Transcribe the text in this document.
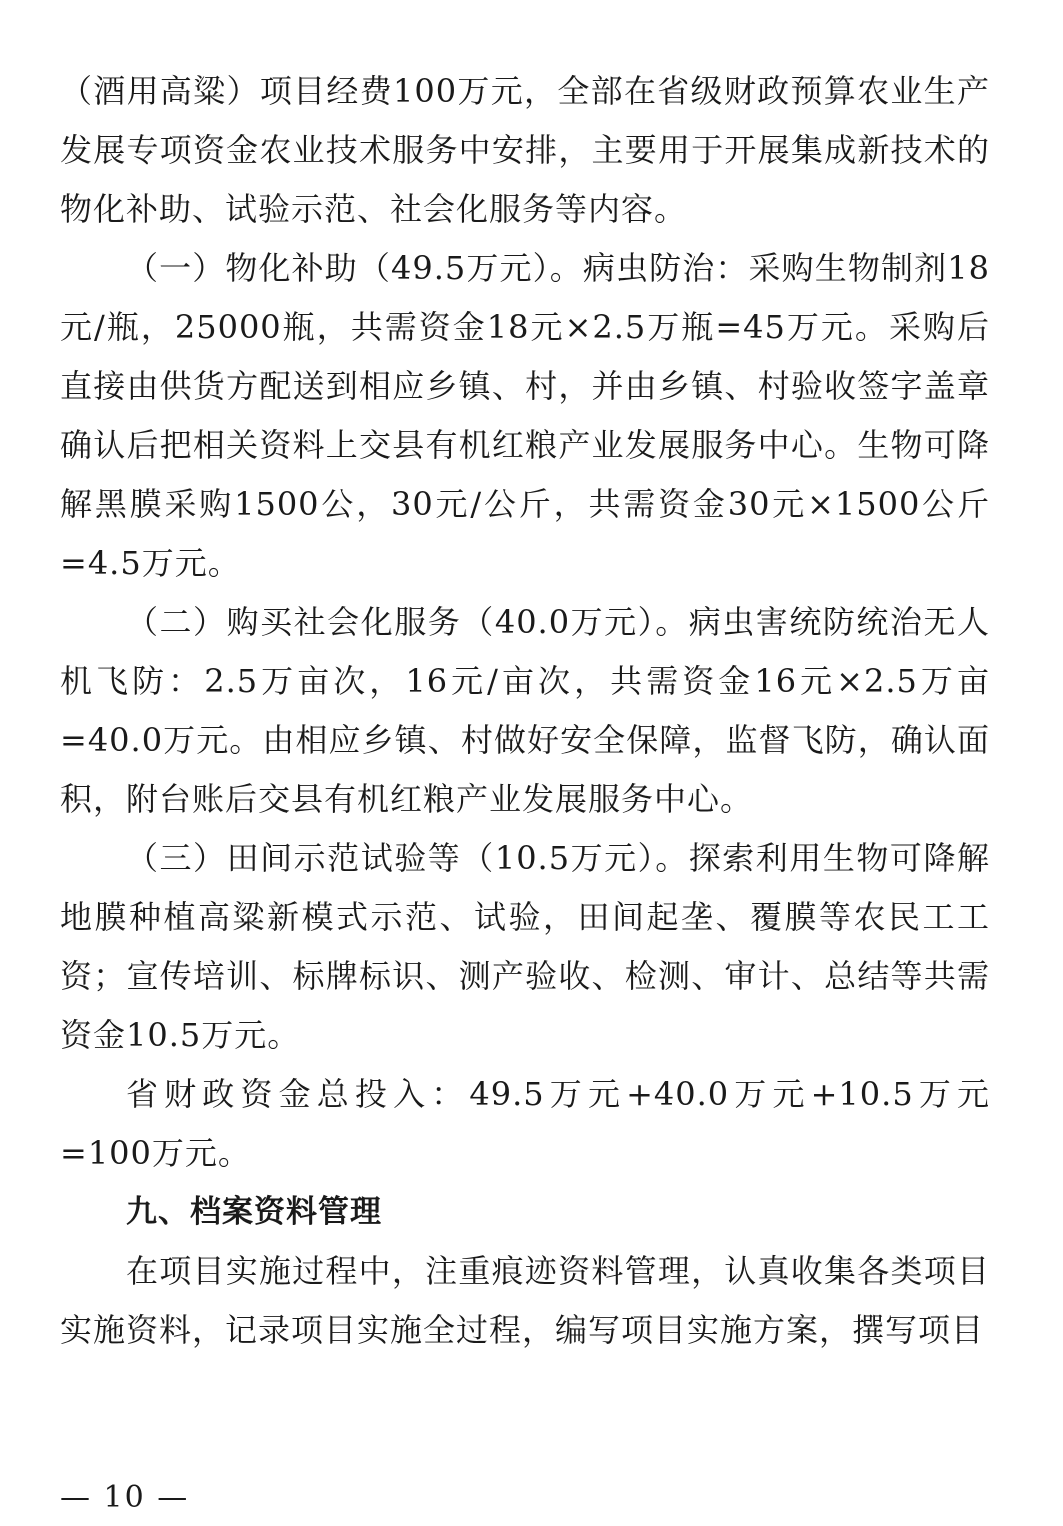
（酒用高粱）项目经费100万元，全部在省级财政预算农业生产发展专项资金农业技术服务中安排，主要用于开展集成新技术的物化补助、试验示范、社会化服务等内容。

（一）物化补助（49.5万元）。病虫防治：采购生物制剂18元/瓶，25000瓶，共需资金18元×2.5万瓶=45万元。采购后直接由供货方配送到相应乡镇、村，并由乡镇、村验收签字盖章确认后把相关资料上交县有机红粮产业发展服务中心。生物可降解黑膜采购1500公，30元/公斤，共需资金30元×1500公斤=4.5万元。

（二）购买社会化服务（40.0万元）。病虫害统防统治无人机飞防：2.5万亩次，16元/亩次，共需资金16元×2.5万亩=40.0万元。由相应乡镇、村做好安全保障，监督飞防，确认面积，附台账后交县有机红粮产业发展服务中心。

（三）田间示范试验等（10.5万元）。探索利用生物可降解地膜种植高粱新模式示范、试验，田间起垄、覆膜等农民工工资；宣传培训、标牌标识、测产验收、检测、审计、总结等共需资金10.5万元。

省财政资金总投入：49.5万元+40.0万元+10.5万元=100万元。

九、档案资料管理

在项目实施过程中，注重痕迹资料管理，认真收集各类项目实施资料，记录项目实施全过程，编写项目实施方案，撰写项目

— 10 —
